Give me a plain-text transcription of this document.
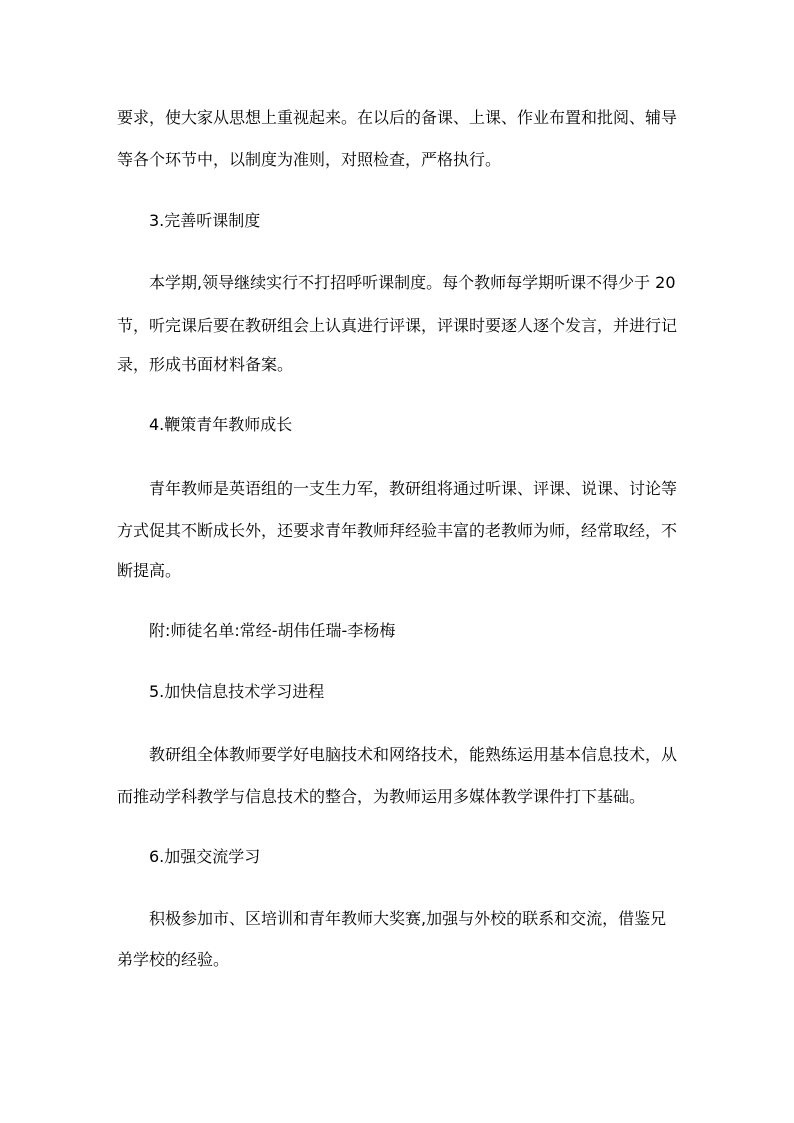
要求，使大家从思想上重视起来。在以后的备课、上课、作业布置和批阅、辅导
等各个环节中，以制度为准则，对照检查，严格执行。
3.完善听课制度
本学期,领导继续实行不打招呼听课制度。每个教师每学期听课不得少于 20
节，听完课后要在教研组会上认真进行评课，评课时要逐人逐个发言，并进行记
录，形成书面材料备案。
4.鞭策青年教师成长
青年教师是英语组的一支生力军，教研组将通过听课、评课、说课、讨论等
方式促其不断成长外，还要求青年教师拜经验丰富的老教师为师，经常取经，不
断提高。
附:师徒名单:常经-胡伟任瑞-李杨梅
5.加快信息技术学习进程
教研组全体教师要学好电脑技术和网络技术，能熟练运用基本信息技术，从
而推动学科教学与信息技术的整合，为教师运用多媒体教学课件打下基础。
6.加强交流学习
积极参加市、区培训和青年教师大奖赛,加强与外校的联系和交流，借鉴兄
弟学校的经验。
